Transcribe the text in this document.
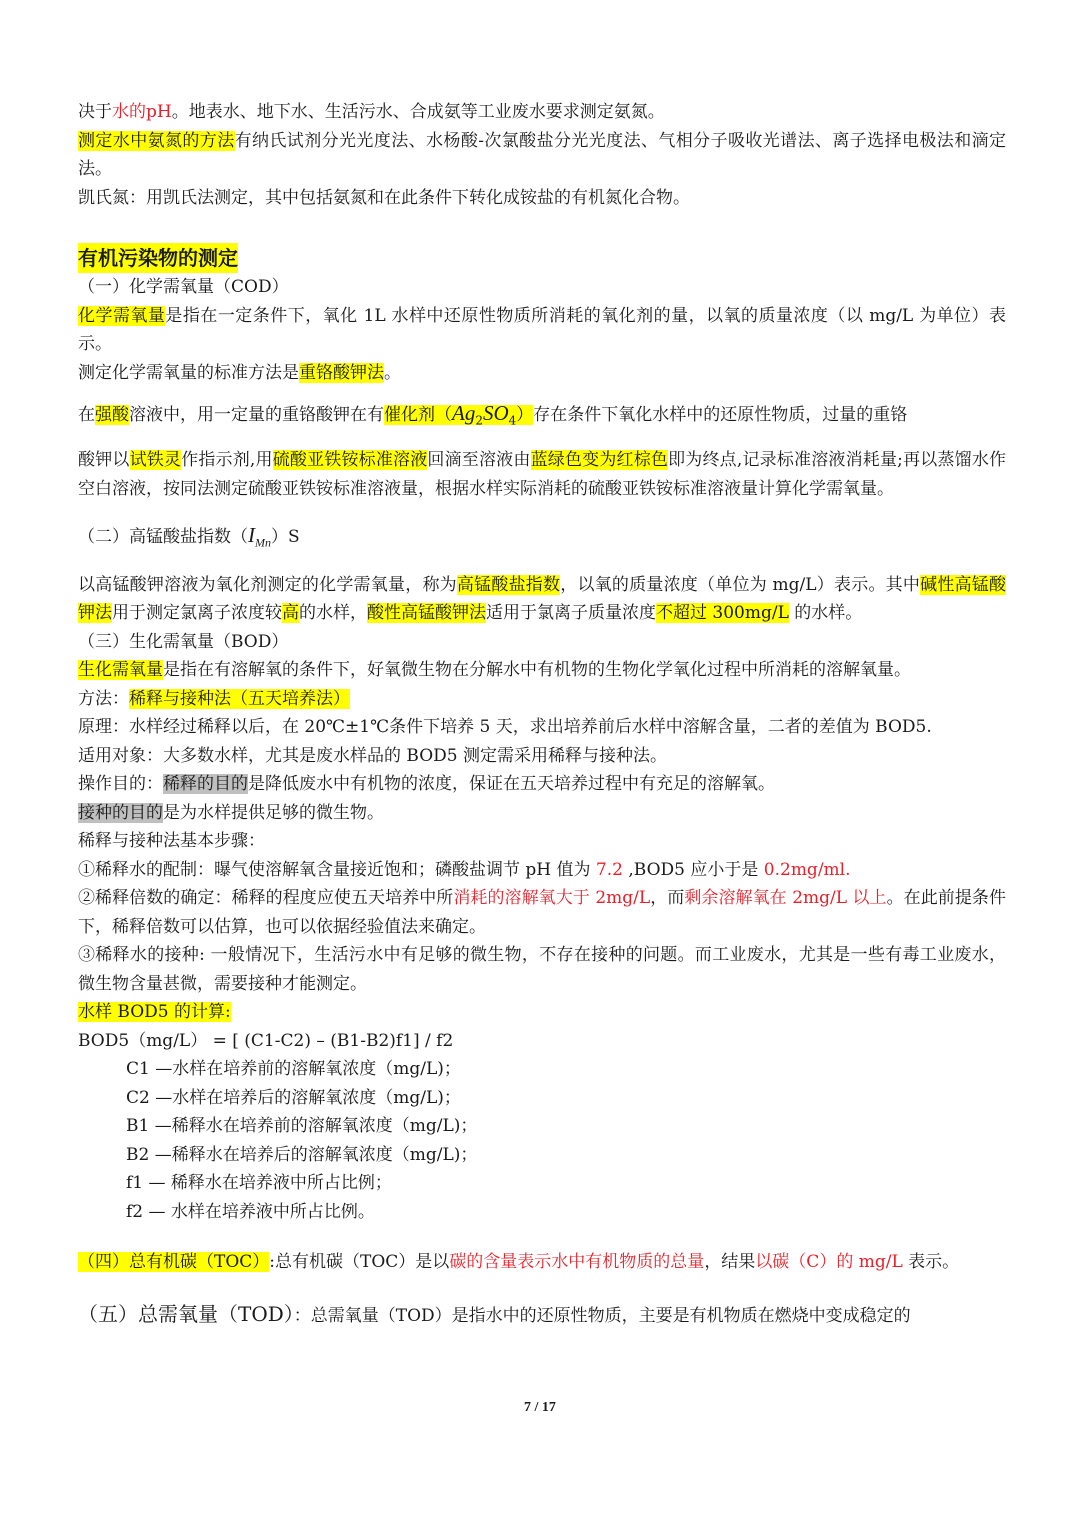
决于水的pH。地表水、地下水、生活污水、合成氨等工业废水要求测定氨氮。

测定水中氨氮的方法有纳氏试剂分光光度法、水杨酸-次氯酸盐分光光度法、气相分子吸收光谱法、离子选择电极法和滴定法。

凯氏氮：用凯氏法测定，其中包括氨氮和在此条件下转化成铵盐的有机氮化合物。

有机污染物的测定

（一）化学需氧量（COD）

化学需氧量是指在一定条件下，氧化 1L 水样中还原性物质所消耗的氧化剂的量，以氧的质量浓度（以 mg/L 为单位）表示。

测定化学需氧量的标准方法是重铬酸钾法。

在强酸溶液中，用一定量的重铬酸钾在有催化剂$(Ag_2SO_4)$存在条件下氧化水样中的还原性物质，过量的重铬

酸钾以试铁灵作指示剂,用硫酸亚铁铵标准溶液回滴至溶液由蓝绿色变为红棕色即为终点,记录标准溶液消耗量;再以蒸馏水作空白溶液，按同法测定硫酸亚铁铵标准溶液量，根据水样实际消耗的硫酸亚铁铵标准溶液量计算化学需氧量。

（二）高锰酸盐指数$(I_{Mn})S$

以高锰酸钾溶液为氧化剂测定的化学需氧量，称为高锰酸盐指数，以氧的质量浓度（单位为 mg/L）表示。其中碱性高锰酸钾法用于测定氯离子浓度较高的水样，酸性高锰酸钾法适用于氯离子质量浓度不超过 300mg/L 的水样。

（三）生化需氧量（BOD）

生化需氧量是指在有溶解氧的条件下，好氧微生物在分解水中有机物的生物化学氧化过程中所消耗的溶解氧量。

方法：稀释与接种法（五天培养法）

原理：水样经过稀释以后，在 20℃±1℃条件下培养 5 天，求出培养前后水样中溶解含量，二者的差值为 BOD5.

适用对象：大多数水样，尤其是废水样品的 BOD5 测定需采用稀释与接种法。

操作目的：稀释的目的是降低废水中有机物的浓度，保证在五天培养过程中有充足的溶解氧。

接种的目的是为水样提供足够的微生物。

稀释与接种法基本步骤：

①稀释水的配制：曝气使溶解氧含量接近饱和；磷酸盐调节 pH 值为 7.2 ,BOD5 应小于是 0.2mg/ml.

②稀释倍数的确定：稀释的程度应使五天培养中所消耗的溶解氧大于 2mg/L，而剩余溶解氧在 2mg/L 以上。在此前提条件下，稀释倍数可以估算，也可以依据经验值法来确定。

③稀释水的接种: 一般情况下，生活污水中有足够的微生物，不存在接种的问题。而工业废水，尤其是一些有毒工业废水，微生物含量甚微，需要接种才能测定。

水样 BOD5 的计算:

BOD5（mg/L） = [ (C1-C2) – (B1-B2)f1] / f2

C1 —水样在培养前的溶解氧浓度（mg/L)；

C2 —水样在培养后的溶解氧浓度（mg/L)；

B1 —稀释水在培养前的溶解氧浓度（mg/L)；

B2 —稀释水在培养后的溶解氧浓度（mg/L)；

f1 — 稀释水在培养液中所占比例；

f2 — 水样在培养液中所占比例。

（四）总有机碳（TOC）:总有机碳（TOC）是以碳的含量表示水中有机物质的总量，结果以碳（C）的 mg/L 表示。

（五）总需氧量（TOD）：总需氧量（TOD）是指水中的还原性物质，主要是有机物质在燃烧中变成稳定的

7 / 17
